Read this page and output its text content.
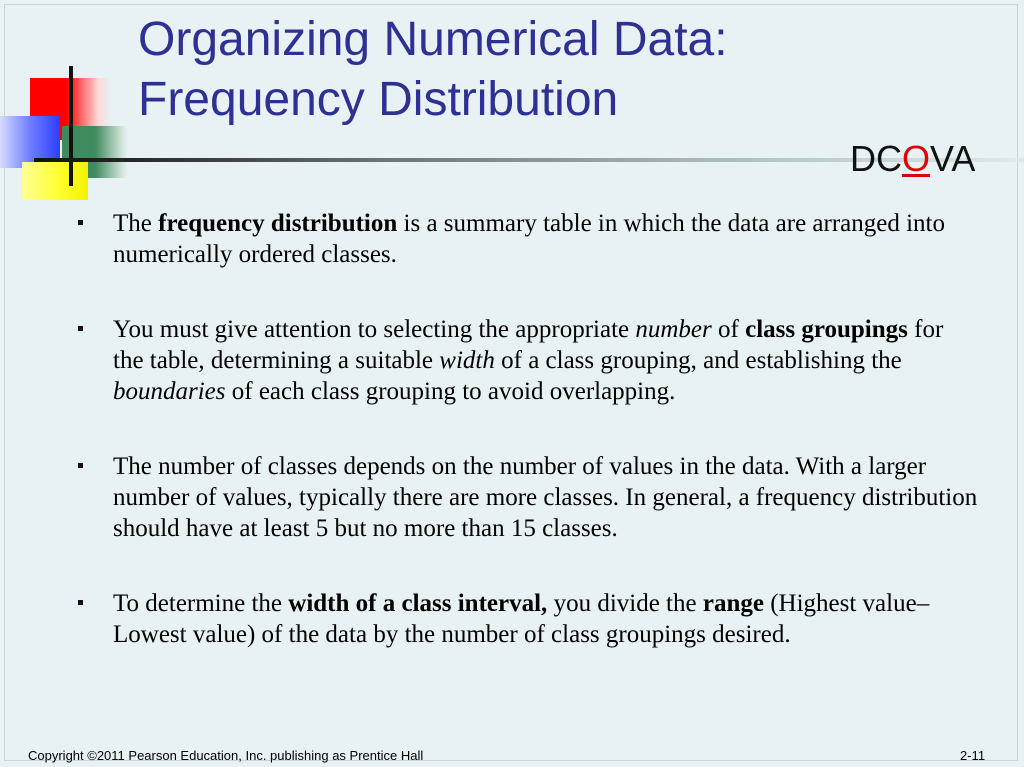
Organizing Numerical Data:
Frequency Distribution
DCOVA

The frequency distribution is a summary table in which the data are arranged into numerically ordered classes.

You must give attention to selecting the appropriate number of class groupings for the table, determining a suitable width of a class grouping, and establishing the boundaries of each class grouping to avoid overlapping.

The number of classes depends on the number of values in the data. With a larger number of values, typically there are more classes. In general, a frequency distribution should have at least 5 but no more than 15 classes.

To determine the width of a class interval, you divide the range (Highest value–Lowest value) of the data by the number of class groupings desired.

Copyright ©2011 Pearson Education, Inc. publishing as Prentice Hall	2-11
